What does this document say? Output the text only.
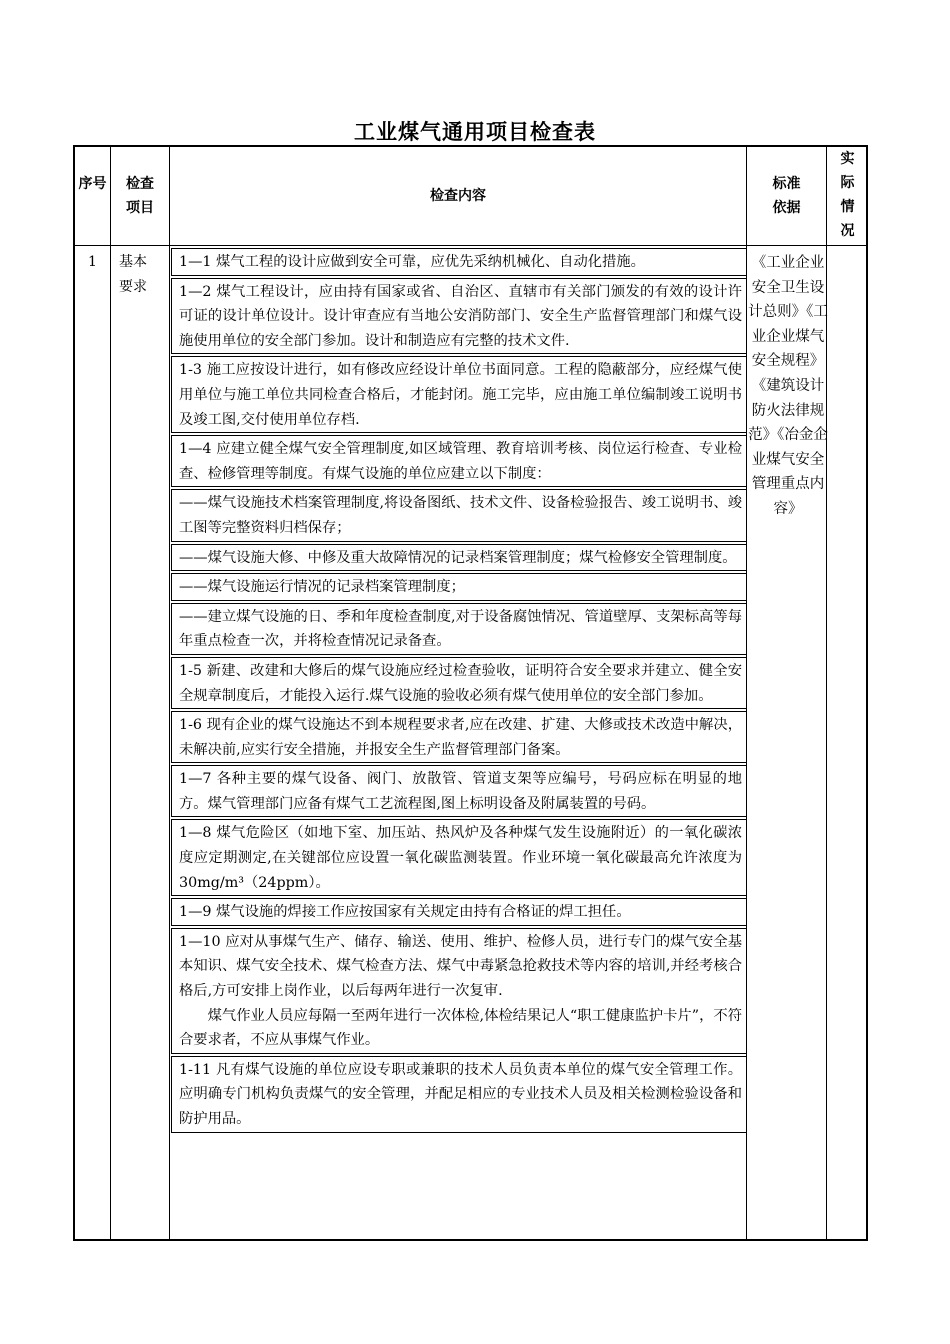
工业煤气通用项目检查表
序号	检查项目
检查内容
标准依据
实际情况
1	基本要求

1—1 煤气工程的设计应做到安全可靠，应优先采纳机械化、自动化措施。

1—2 煤气工程设计，应由持有国家或省、自治区、直辖市有关部门颁发的有效的设计许可证的设计单位设计。设计审查应有当地公安消防部门、安全生产监督管理部门和煤气设施使用单位的安全部门参加。设计和制造应有完整的技术文件.

1-3 施工应按设计进行，如有修改应经设计单位书面同意。工程的隐蔽部分，应经煤气使用单位与施工单位共同检查合格后，才能封闭。施工完毕，应由施工单位编制竣工说明书及竣工图,交付使用单位存档.

1—4 应建立健全煤气安全管理制度,如区域管理、教育培训考核、岗位运行检查、专业检查、检修管理等制度。有煤气设施的单位应建立以下制度：

——煤气设施技术档案管理制度,将设备图纸、技术文件、设备检验报告、竣工说明书、竣工图等完整资料归档保存；

——煤气设施大修、中修及重大故障情况的记录档案管理制度；煤气检修安全管理制度。

——煤气设施运行情况的记录档案管理制度；

——建立煤气设施的日、季和年度检查制度,对于设备腐蚀情况、管道壁厚、支架标高等每年重点检查一次，并将检查情况记录备查。

1-5 新建、改建和大修后的煤气设施应经过检查验收，证明符合安全要求并建立、健全安全规章制度后，才能投入运行.煤气设施的验收必须有煤气使用单位的安全部门参加。

1-6 现有企业的煤气设施达不到本规程要求者,应在改建、扩建、大修或技术改造中解决，未解决前,应实行安全措施，并报安全生产监督管理部门备案。

1—7 各种主要的煤气设备、阀门、放散管、管道支架等应编号，号码应标在明显的地方。煤气管理部门应备有煤气工艺流程图,图上标明设备及附属装置的号码。

1—8 煤气危险区（如地下室、加压站、热风炉及各种煤气发生设施附近）的一氧化碳浓度应定期测定,在关键部位应设置一氧化碳监测装置。作业环境一氧化碳最高允许浓度为 30mg/m³（24ppm）。

1—9 煤气设施的焊接工作应按国家有关规定由持有合格证的焊工担任。

1—10 应对从事煤气生产、储存、输送、使用、维护、检修人员，进行专门的煤气安全基本知识、煤气安全技术、煤气检查方法、煤气中毒紧急抢救技术等内容的培训,并经考核合格后,方可安排上岗作业，以后每两年进行一次复审.

煤气作业人员应每隔一至两年进行一次体检,体检结果记人“职工健康监护卡片”，不符合要求者，不应从事煤气作业。

1-11 凡有煤气设施的单位应设专职或兼职的技术人员负责本单位的煤气安全管理工作。应明确专门机构负责煤气的安全管理，并配足相应的专业技术人员及相关检测检验设备和防护用品。

《工业企业安全卫生设计总则》《工业企业煤气安全规程》《建筑设计防火法律规范》《冶金企业煤气安全管理重点内容》
